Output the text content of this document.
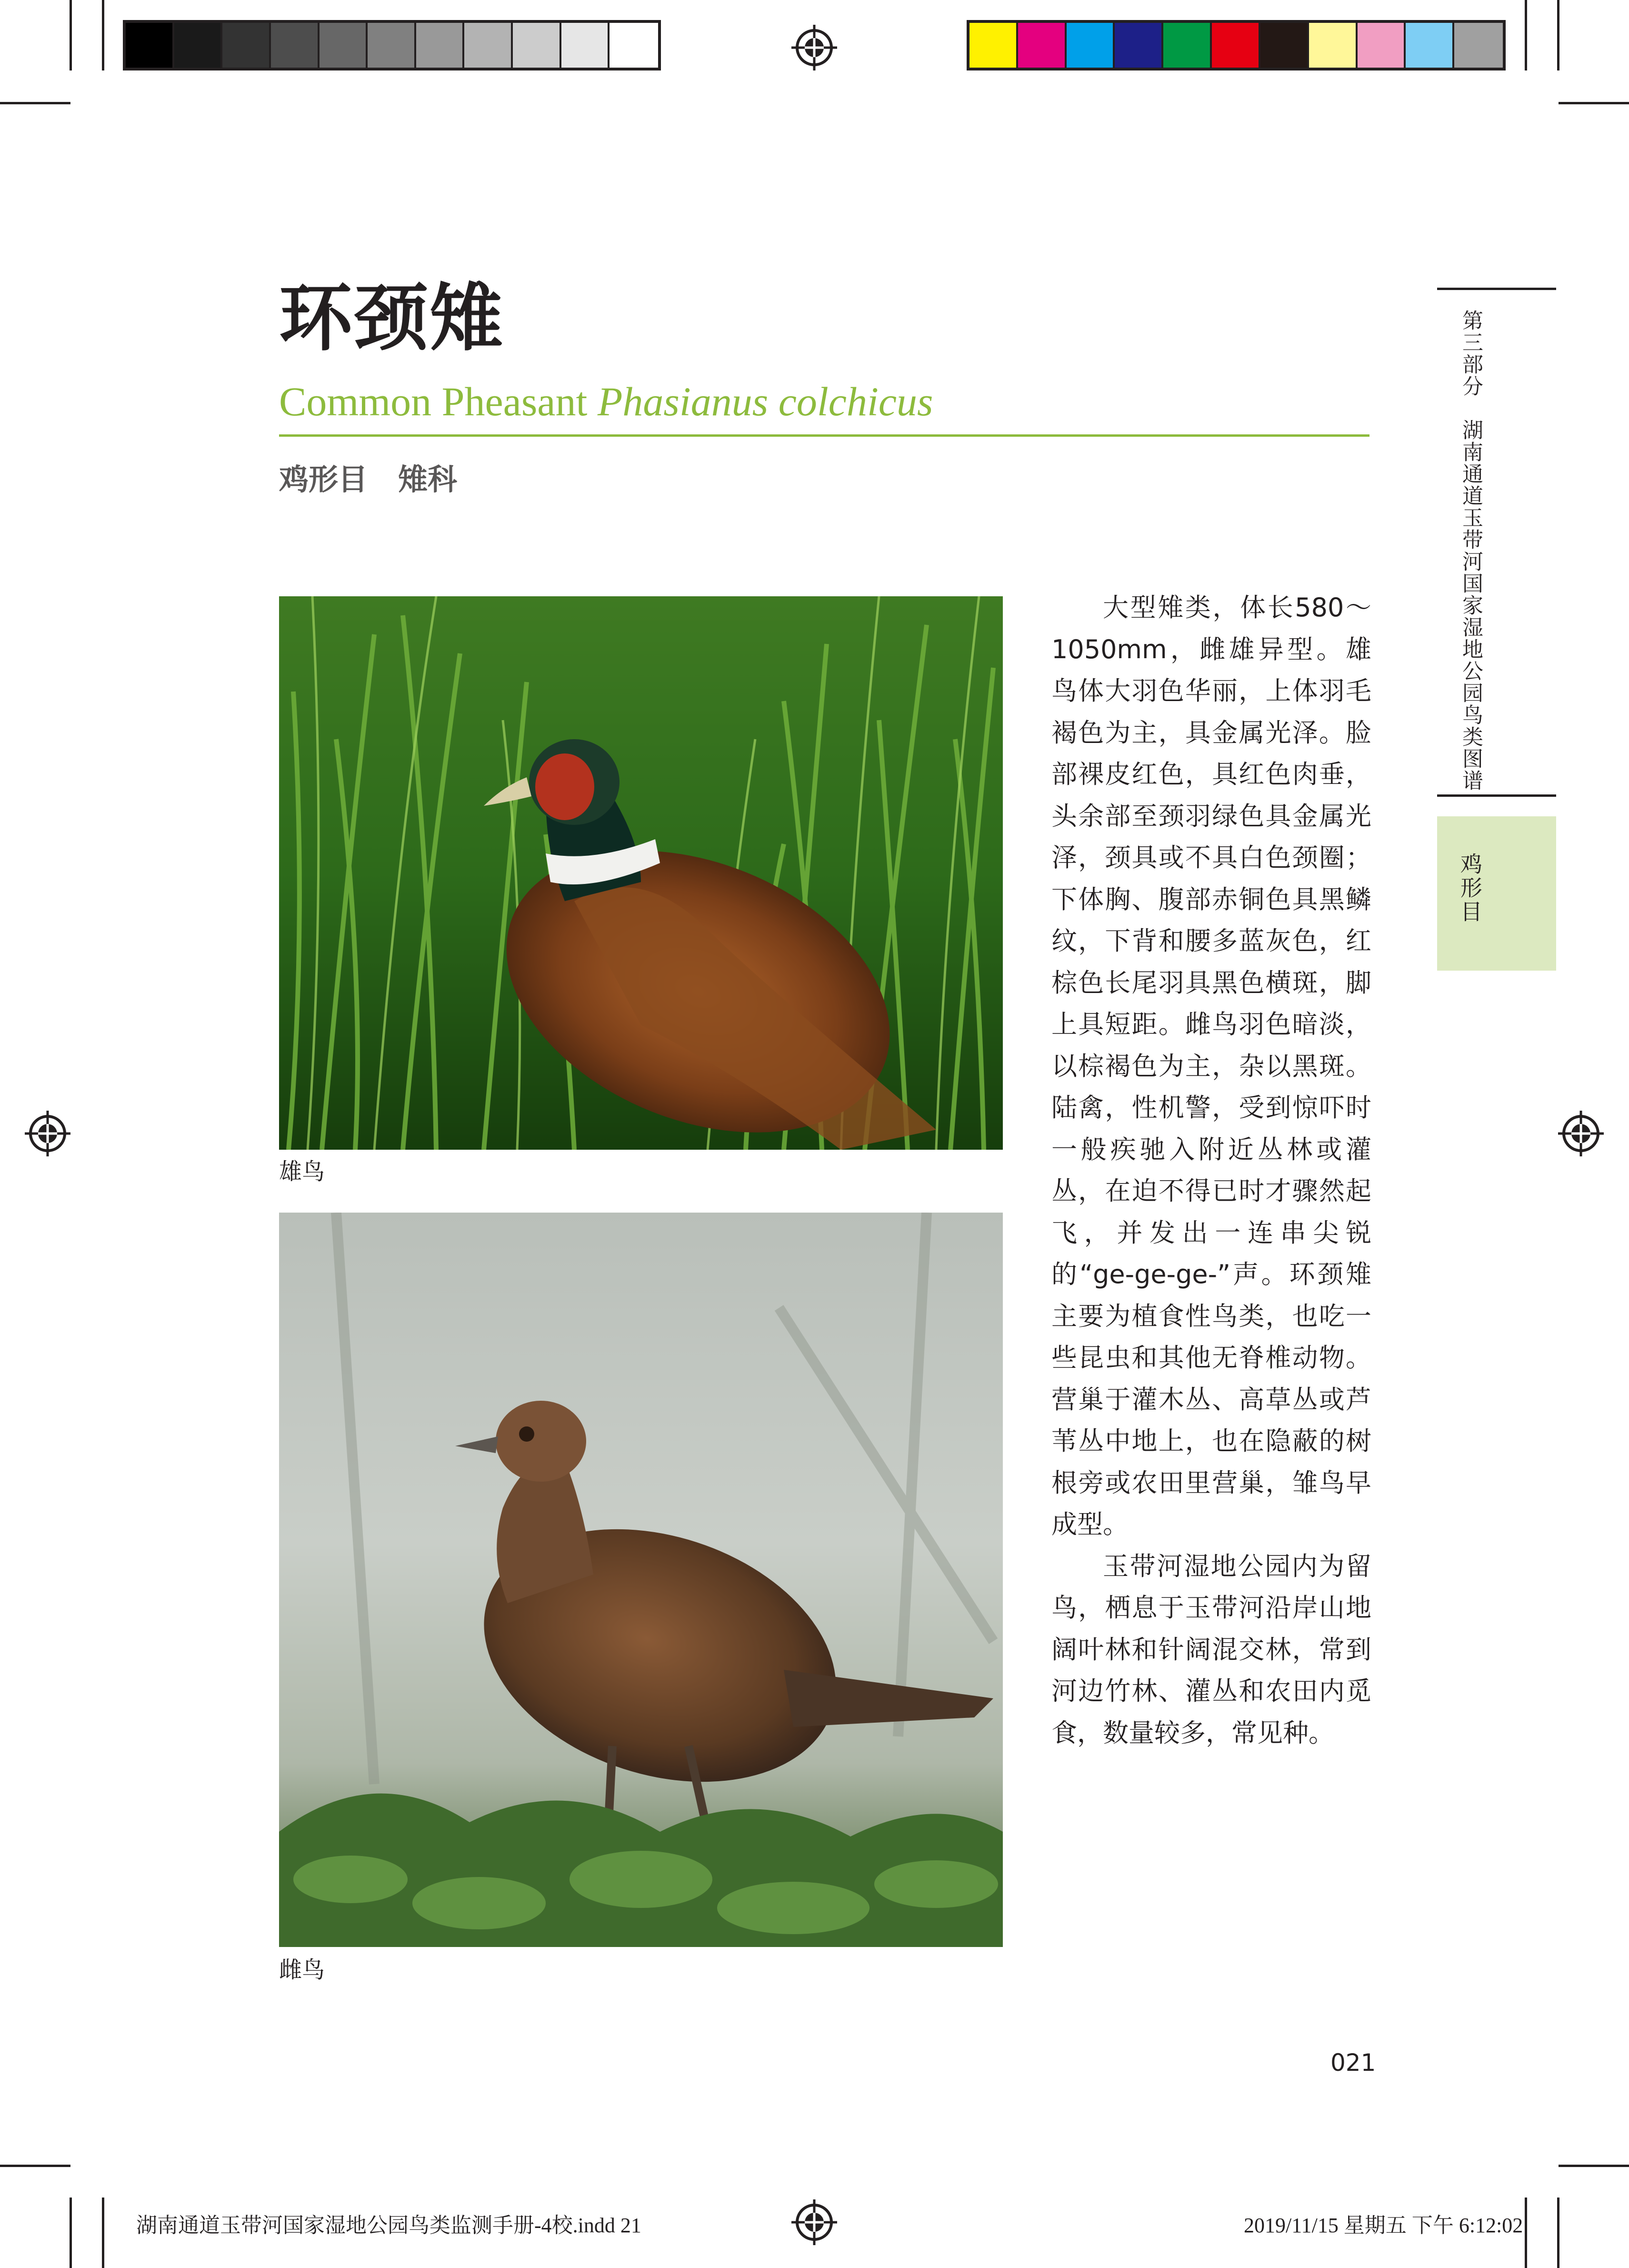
环颈雉
Common Pheasant Phasianus colchicus
鸡形目 雉科
雄鸟
雌鸟

大型雉类，体长580～1050mm，雌雄异型。雄鸟体大羽色华丽，上体羽毛褐色为主，具金属光泽。脸部裸皮红色，具红色肉垂，头余部至颈羽绿色具金属光泽，颈具或不具白色颈圈；下体胸、腹部赤铜色具黑鳞纹，下背和腰多蓝灰色，红棕色长尾羽具黑色横斑，脚上具短距。雌鸟羽色暗淡，以棕褐色为主，杂以黑斑。陆禽，性机警，受到惊吓时一般疾驰入附近丛林或灌丛，在迫不得已时才骤然起飞，并发出一连串尖锐的“ge-ge-ge-”声。环颈雉主要为植食性鸟类，也吃一些昆虫和其他无脊椎动物。营巢于灌木丛、高草丛或芦苇丛中地上，也在隐蔽的树根旁或农田里营巢，雏鸟早成型。

玉带河湿地公园内为留鸟，栖息于玉带河沿岸山地阔叶林和针阔混交林，常到河边竹林、灌丛和农田内觅食，数量较多，常见种。

第三部分　湖南通道玉带河国家湿地公园鸟类图谱
鸡形目
021
湖南通道玉带河国家湿地公园鸟类监测手册-4校.indd 21	2019/11/15 星期五 下午 6:12:02
